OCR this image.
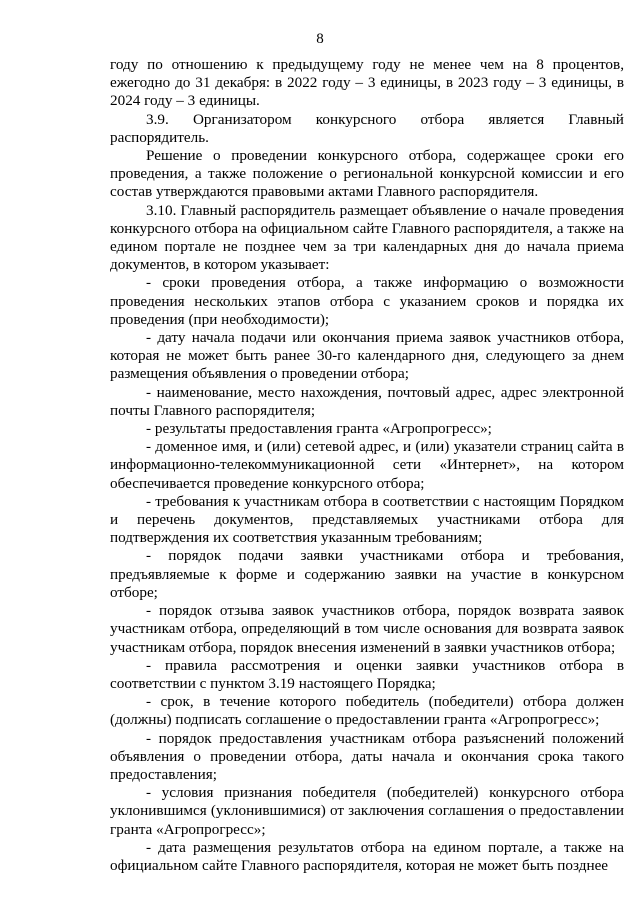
8

году по отношению к предыдущему году не менее чем на 8 процентов, ежегодно до 31 декабря: в 2022 году – 3 единицы, в 2023 году – 3 единицы, в 2024 году – 3 единицы.

3.9. Организатором конкурсного отбора является Главный
распорядитель.

Решение о проведении конкурсного отбора, содержащее сроки его проведения, а также положение о региональной конкурсной комиссии и его состав утверждаются правовыми актами Главного распорядителя.

3.10. Главный распорядитель размещает объявление о начале проведения конкурсного отбора на официальном сайте Главного распорядителя, а также на едином портале не позднее чем за три календарных дня до начала приема документов, в котором указывает:

- сроки проведения отбора, а также информацию о возможности проведения нескольких этапов отбора с указанием сроков и порядка их проведения (при необходимости);

- дату начала подачи или окончания приема заявок участников отбора, которая не может быть ранее 30-го календарного дня, следующего за днем размещения объявления о проведении отбора;

- наименование, место нахождения, почтовый адрес, адрес электронной почты Главного распорядителя;

- результаты предоставления гранта «Агропрогресс»;

- доменное имя, и (или) сетевой адрес, и (или) указатели страниц сайта в информационно-телекоммуникационной сети «Интернет», на котором обеспечивается проведение конкурсного отбора;

- требования к участникам отбора в соответствии с настоящим Порядком и перечень документов, представляемых участниками отбора для подтверждения их соответствия указанным требованиям;

- порядок подачи заявки участниками отбора и требования, предъявляемые к форме и содержанию заявки на участие в конкурсном отборе;

- порядок отзыва заявок участников отбора, порядок возврата заявок участникам отбора, определяющий в том числе основания для возврата заявок участникам отбора, порядок внесения изменений в заявки участников отбора;

- правила рассмотрения и оценки заявки участников отбора в соответствии с пунктом 3.19 настоящего Порядка;

- срок, в течение которого победитель (победители) отбора должен (должны) подписать соглашение о предоставлении гранта «Агропрогресс»;

- порядок предоставления участникам отбора разъяснений положений объявления о проведении отбора, даты начала и окончания срока такого предоставления;

- условия признания победителя (победителей) конкурсного отбора уклонившимся (уклонившимися) от заключения соглашения о предоставлении гранта «Агропрогресс»;

- дата размещения результатов отбора на едином портале, а также на официальном сайте Главного распорядителя, которая не может быть позднее
